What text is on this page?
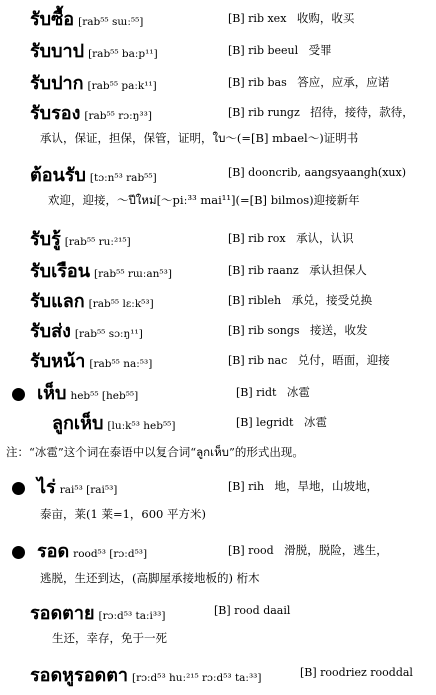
รับซื้อ [rab⁵⁵ sɯː⁵⁵]	[B] rib xex 收购，收买
รับบาป [rab⁵⁵ baːp¹¹]	[B] rib beeul 受罪
รับปาก [rab⁵⁵ paːk¹¹]	[B] rib bas 答应，应承，应诺
รับรอง [rab⁵⁵ rɔːŋ³³]	[B] rib rungz 招待，接待，款待，
承认，保证，担保，保管，证明，ใบ～(=[B] mbael～)证明书
ต้อนรับ [tɔːn⁵³ rab⁵⁵]	[B] dooncrib, aangsyaangh(xux)
欢迎，迎接，～ปีใหม่[～piː³³ mai¹¹](=[B] bilmos)迎接新年
รับรู้ [rab⁵⁵ ruː²¹⁵]	[B] rib rox 承认，认识
รับเรือน [rab⁵⁵ rɯːan⁵³]	[B] rib raanz 承认担保人
รับแลก [rab⁵⁵ lɛːk⁵³]	[B] ribleh 承兑，接受兑换
รับส่ง [rab⁵⁵ sɔːŋ¹¹]	[B] rib songs 接送，收发
รับหน้า [rab⁵⁵ naː⁵³]	[B] rib nac 兑付，晤面，迎接
เห็บ heb⁵⁵ [heb⁵⁵]	[B] ridt 冰雹
ลูกเห็บ [luːk⁵³ heb⁵⁵]	[B] legridt 冰雹
注：“冰雹”这个词在泰语中以复合词“ลูกเห็บ”的形式出现。
ไร่ rai⁵³ [rai⁵³]	[B] rih 地，旱地，山坡地，
泰亩，莱(1 莱=1，600 平方米)
รอด rood⁵³ [rɔːd⁵³]	[B] rood 滑脱，脱险，逃生，
逃脱，生还到达，(高脚屋承接地板的) 桁木
รอดตาย [rɔːd⁵³ taːi³³]	[B] rood daail
生还，幸存，免于一死
รอดหูรอดตา [rɔːd⁵³ huː²¹⁵ rɔːd⁵³ taː³³]	[B] roodriez rooddal
